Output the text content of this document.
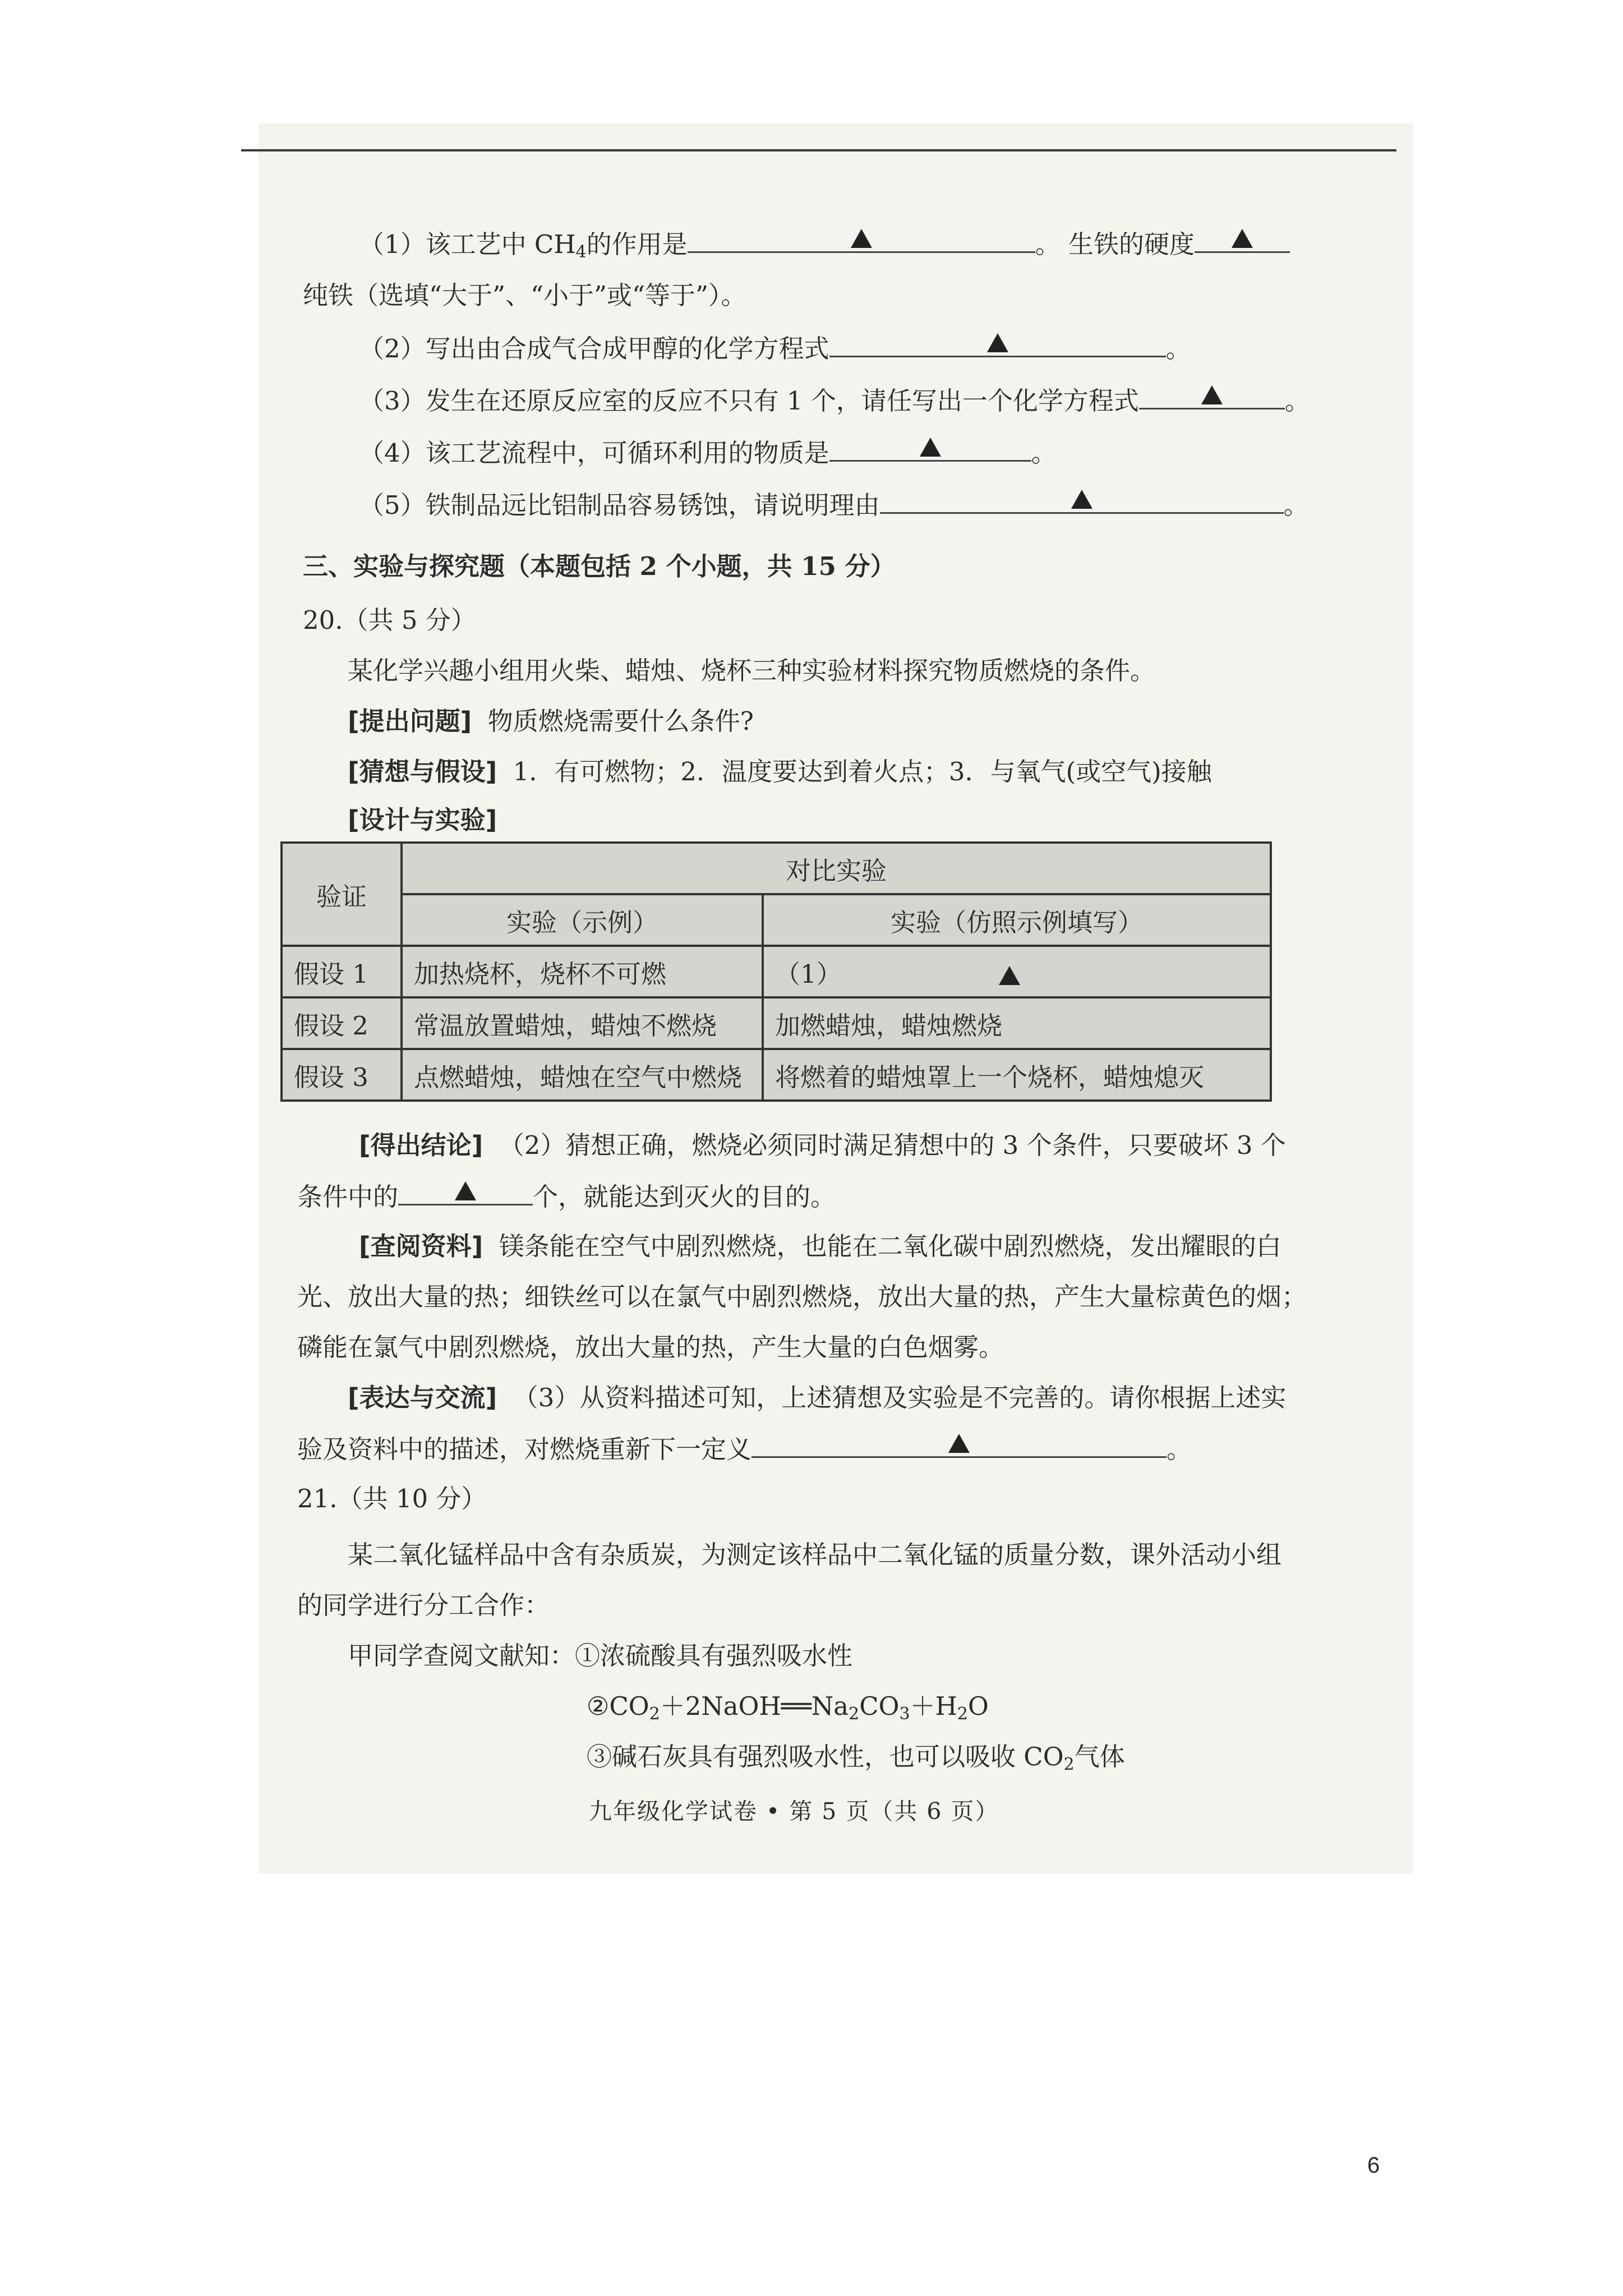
（1）该工艺中 $CH_4$的作用是	。 生铁的硬度
纯铁（选填“大于”、“小于”或“等于”）。
（2）写出由合成气合成甲醇的化学方程式	。
（3）发生在还原反应室的反应不只有 1 个，请任写出一个化学方程式	。
（4）该工艺流程中，可循环利用的物质是	。
（5）铁制品远比铝制品容易锈蚀，请说明理由	。
三、实验与探究题（本题包括 2 个小题，共 15 分）
20.（共 5 分）
某化学兴趣小组用火柴、蜡烛、烧杯三种实验材料探究物质燃烧的条件。
[提出问题] 物质燃烧需要什么条件?
[猜想与假设] 1．有可燃物；2．温度要达到着火点；3．与氧气(或空气)接触
[设计与实验]
验证	对比实验	
	实验（示例）	实验（仿照示例填写）
假设 1	加热烧杯，烧杯不可燃	（1）
假设 2	常温放置蜡烛，蜡烛不燃烧	加燃蜡烛，蜡烛燃烧
假设 3	点燃蜡烛，蜡烛在空气中燃烧	将燃着的蜡烛罩上一个烧杯，蜡烛熄灭
[得出结论] （2）猜想正确，燃烧必须同时满足猜想中的 3 个条件，只要破坏 3 个
条件中的	个，就能达到灭火的目的。
[查阅资料] 镁条能在空气中剧烈燃烧，也能在二氧化碳中剧烈燃烧，发出耀眼的白
光、放出大量的热；细铁丝可以在氯气中剧烈燃烧，放出大量的热，产生大量棕黄色的烟；
磷能在氯气中剧烈燃烧，放出大量的热，产生大量的白色烟雾。
[表达与交流] （3）从资料描述可知，上述猜想及实验是不完善的。请你根据上述实
验及资料中的描述，对燃烧重新下一定义	。
21.（共 10 分）
某二氧化锰样品中含有杂质炭，为测定该样品中二氧化锰的质量分数，课外活动小组
的同学进行分工合作：
甲同学查阅文献知：①浓硫酸具有强烈吸水性
$②CO_2+2NaOH══Na_2CO_3+H_2O$
③碱石灰具有强烈吸水性，也可以吸收 $CO_2$气体
九年级化学试卷 • 第 5 页（共 6 页）
6
